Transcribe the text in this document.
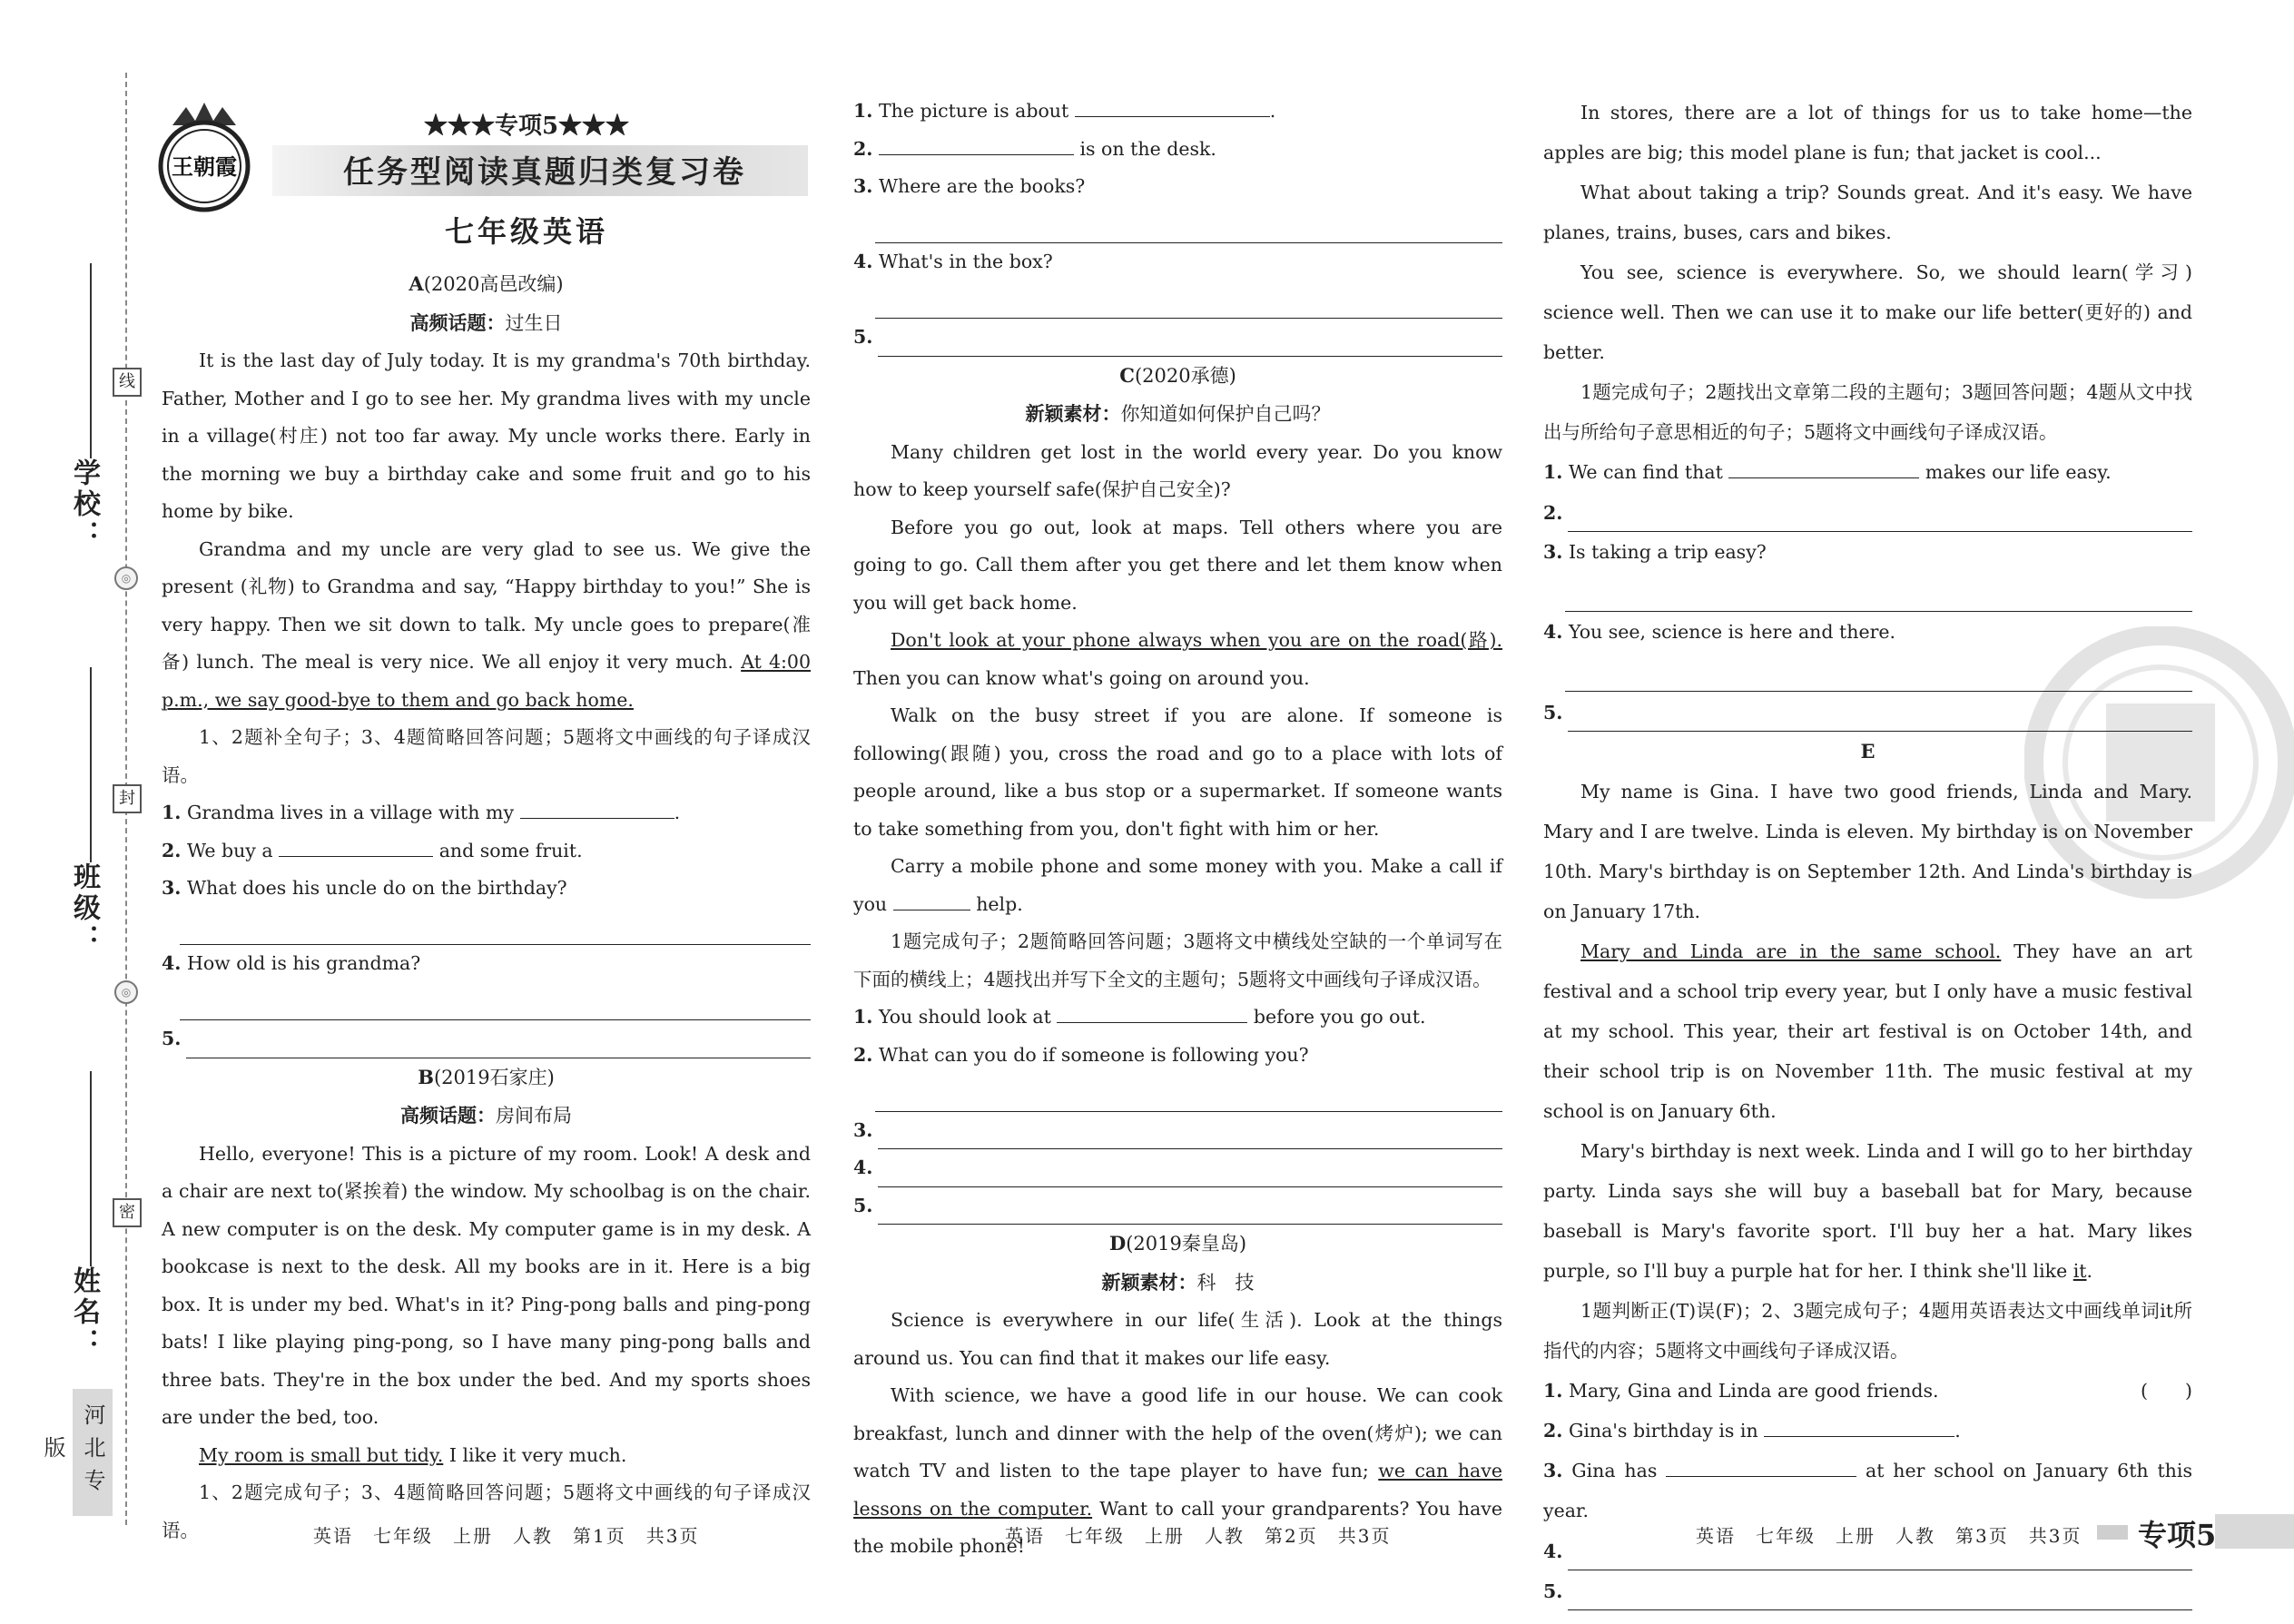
线
封
密
◎
◎
学校：
班级：
姓名：
河北专版
王朝霞
★★★专项5★★★
任务型阅读真题归类复习卷
七年级英语
A(2020高邑改编)
高频话题：过生日

It is the last day of July today. It is my grandma's 70th birthday. Father, Mother and I go to see her. My grandma lives with my uncle in a village(村庄) not too far away. My uncle works there. Early in the morning we buy a birthday cake and some fruit and go to his home by bike.

Grandma and my uncle are very glad to see us. We give the present (礼物) to Grandma and say, “Happy birthday to you!” She is very happy. Then we sit down to talk. My uncle goes to prepare(准备) lunch. The meal is very nice. We all enjoy it very much. At 4:00 p.m., we say good-bye to them and go back home.

1、2题补全句子；3、4题简略回答问题；5题将文中画线的句子译成汉语。

1. Grandma lives in a village with my	.

2. We buy a	and some fruit.

3. What does his uncle do on the birthday?

4. How old is his grandma?

5.
B(2019石家庄)
高频话题：房间布局

Hello, everyone! This is a picture of my room. Look! A desk and a chair are next to(紧挨着) the window. My schoolbag is on the chair. A new computer is on the desk. My computer game is in my desk. A bookcase is next to the desk. All my books are in it. Here is a big box. It is under my bed. What's in it? Ping-pong balls and ping-pong bats! I like playing ping-pong, so I have many ping-pong balls and three bats. They're in the box under the bed. And my sports shoes are under the bed, too.

My room is small but tidy. I like it very much.

1、2题完成句子；3、4题简略回答问题；5题将文中画线的句子译成汉语。

1. The picture is about	.

2.	is on the desk.

3. Where are the books?

4. What's in the box?

5.
C(2020承德)
新颖素材：你知道如何保护自己吗？

Many children get lost in the world every year. Do you know how to keep yourself safe(保护自己安全)?

Before you go out, look at maps. Tell others where you are going to go. Call them after you get there and let them know when you will get back home.

Don't look at your phone always when you are on the road(路). Then you can know what's going on around you.

Walk on the busy street if you are alone. If someone is following(跟随) you, cross the road and go to a place with lots of people around, like a bus stop or a supermarket. If someone wants to take something from you, don't fight with him or her.

Carry a mobile phone and some money with you. Make a call if you	help.

1题完成句子；2题简略回答问题；3题将文中横线处空缺的一个单词写在下面的横线上；4题找出并写下全文的主题句；5题将文中画线句子译成汉语。

1. You should look at	before you go out.

2. What can you do if someone is following you?

3.
4.
5.
D(2019秦皇岛)
新颖素材：科　技

Science is everywhere in our life(生活). Look at the things around us. You can find that it makes our life easy.

With science, we have a good life in our house. We can cook breakfast, lunch and dinner with the help of the oven(烤炉); we can watch TV and listen to the tape player to have fun; we can have lessons on the computer. Want to call your grandparents? You have the mobile phone!

In stores, there are a lot of things for us to take home—the apples are big; this model plane is fun; that jacket is cool...

What about taking a trip? Sounds great. And it's easy. We have planes, trains, buses, cars and bikes.

You see, science is everywhere. So, we should learn(学习) science well. Then we can use it to make our life better(更好的) and better.

1题完成句子；2题找出文章第二段的主题句；3题回答问题；4题从文中找出与所给句子意思相近的句子；5题将文中画线句子译成汉语。

1. We can find that	makes our life easy.

2.

3. Is taking a trip easy?

4. You see, science is here and there.

5.
E

My name is Gina. I have two good friends, Linda and Mary. Mary and I are twelve. Linda is eleven. My birthday is on November 10th. Mary's birthday is on September 12th. And Linda's birthday is on January 17th.

Mary and Linda are in the same school. They have an art festival and a school trip every year, but I only have a music festival at my school. This year, their art festival is on October 14th, and their school trip is on November 11th. The music festival at my school is on January 6th.

Mary's birthday is next week. Linda and I will go to her birthday party. Linda says she will buy a baseball bat for Mary, because baseball is Mary's favorite sport. I'll buy her a hat. Mary likes purple, so I'll buy a purple hat for her. I think she'll like it.

1题判断正(T)误(F)；2、3题完成句子；4题用英语表达文中画线单词it所指代的内容；5题将文中画线句子译成汉语。

1. Mary, Gina and Linda are good friends.	(　　)

2. Gina's birthday is in	.

3. Gina has	at her school on January 6th this year.

4.
5.
英语　七年级　上册　人教　第1页　共3页	英语　七年级　上册　人教　第2页　共3页	英语　七年级　上册　人教　第3页　共3页 专项5
